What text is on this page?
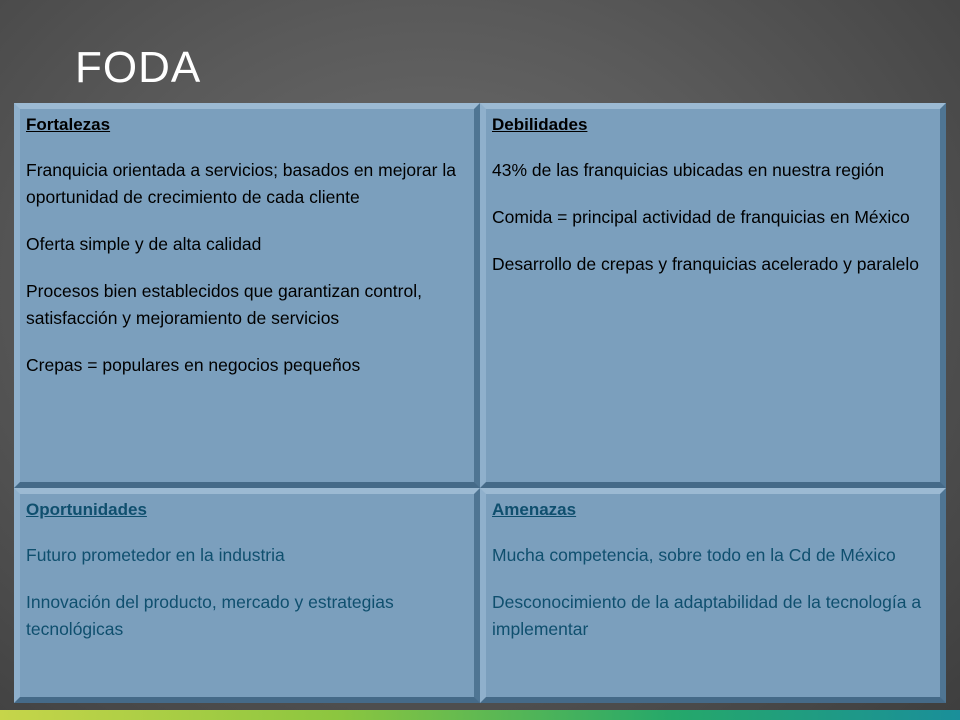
FODA

Fortalezas

Franquicia orientada a servicios; basados en mejorar la oportunidad de crecimiento de cada cliente

Oferta simple y de alta calidad

Procesos bien establecidos que garantizan control, satisfacción y mejoramiento de servicios

Crepas = populares en negocios pequeños

Debilidades

43% de las franquicias ubicadas en nuestra región

Comida = principal actividad de franquicias en México

Desarrollo de crepas y franquicias acelerado y paralelo

Oportunidades

Futuro prometedor en la industria

Innovación del producto, mercado y estrategias tecnológicas

Amenazas

Mucha competencia, sobre todo en la Cd de México

Desconocimiento de la adaptabilidad de la tecnología a implementar
